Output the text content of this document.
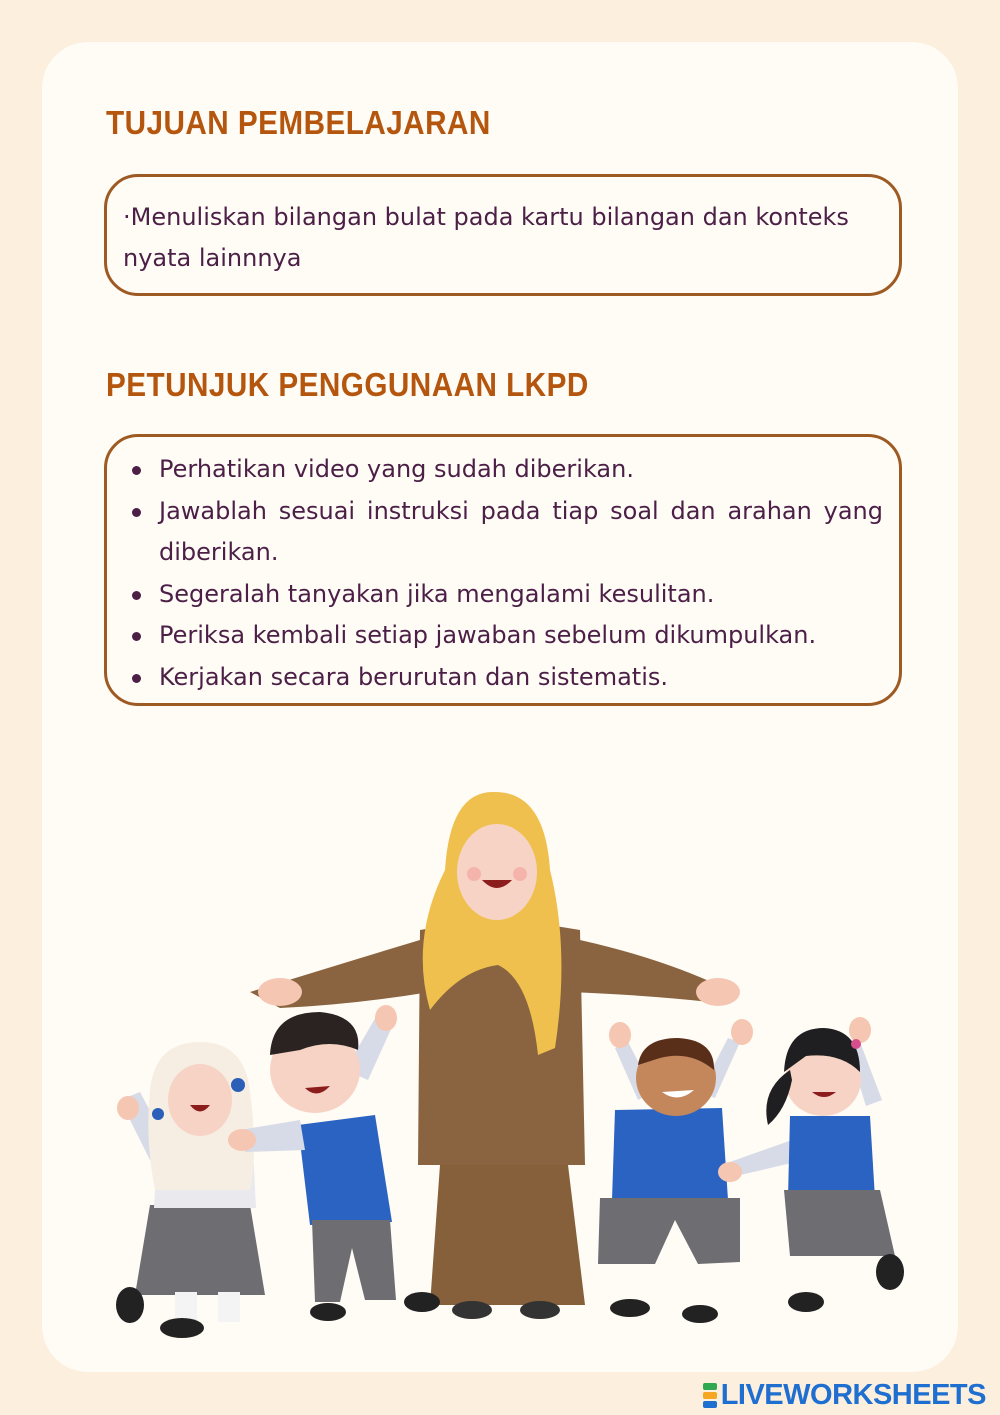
TUJUAN PEMBELAJARAN
·Menuliskan bilangan bulat pada kartu bilangan dan konteks nyata lainnnya
PETUNJUK PENGGUNAAN LKPD
Perhatikan video yang sudah diberikan.
Jawablah sesuai instruksi pada tiap soal dan arahan yang diberikan.
Segeralah tanyakan jika mengalami kesulitan.
Periksa kembali setiap jawaban sebelum dikumpulkan.
Kerjakan secara berurutan dan sistematis.
LIVEWORKSHEETS
